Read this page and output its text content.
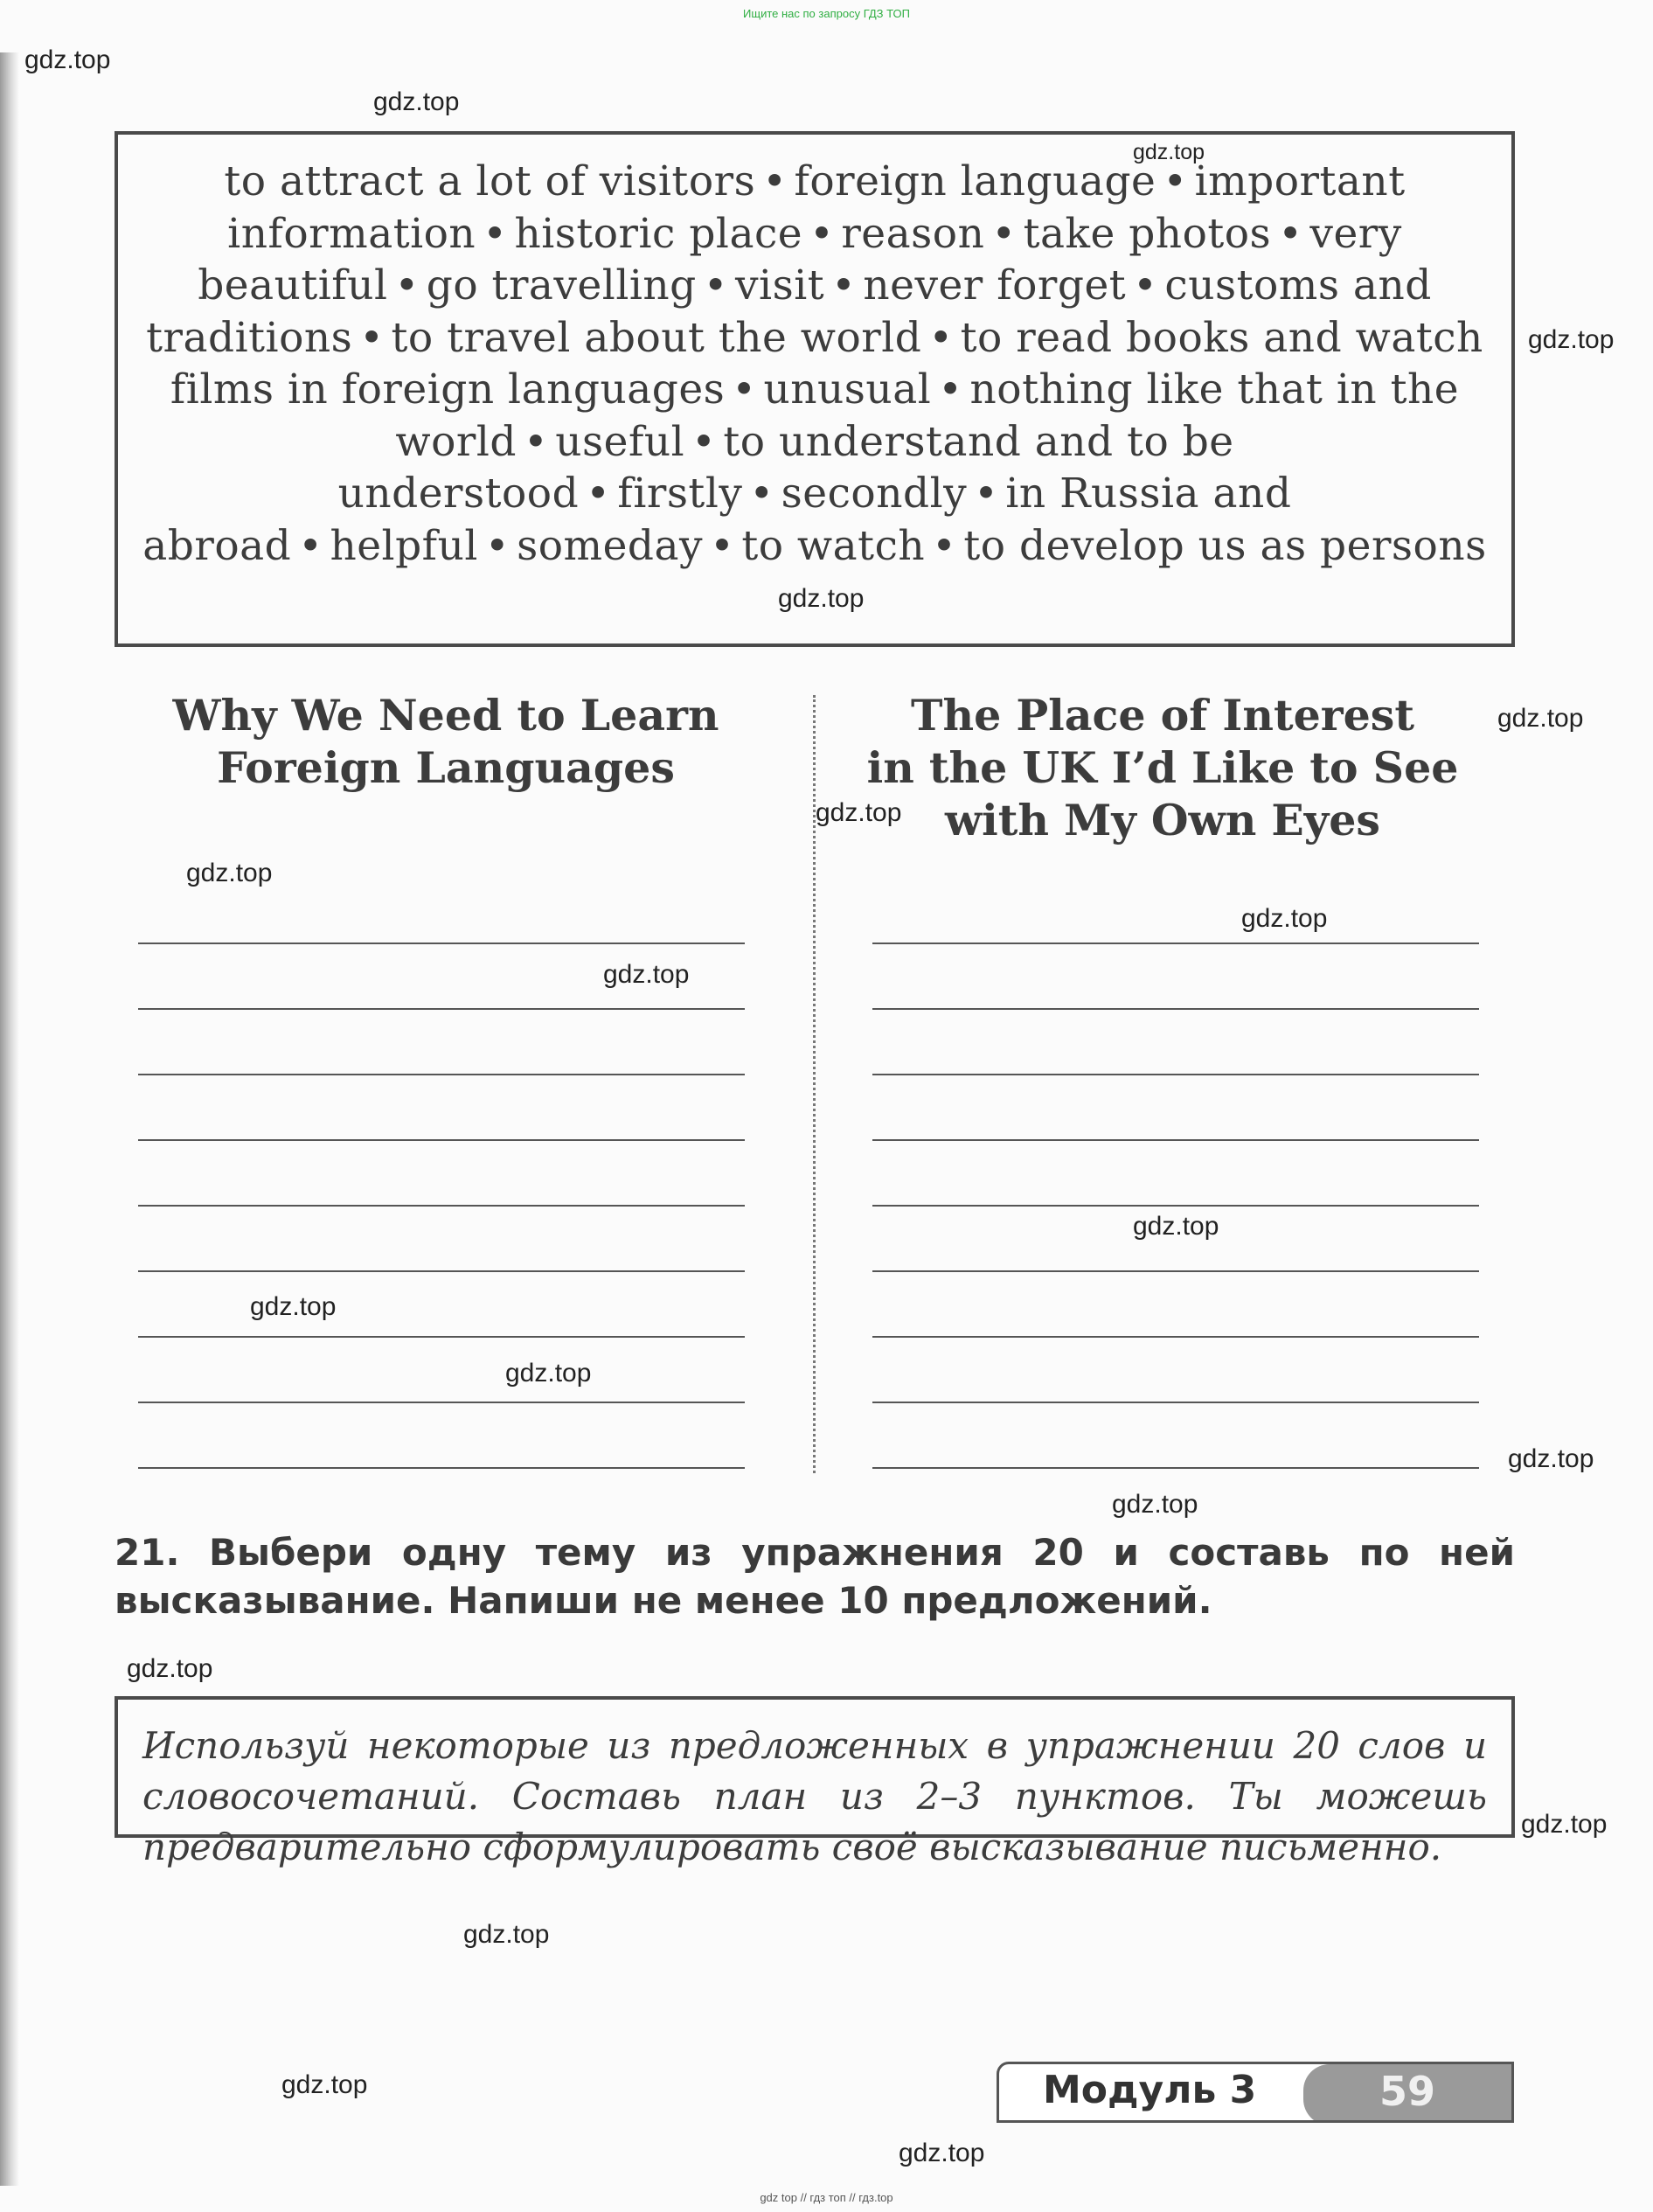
Ищите нас по запросу ГДЗ ТОП
gdz.top
gdz.top
gdz.top
gdz.top
gdz.top
gdz.top
gdz.top
gdz.top
gdz.top
gdz.top
gdz.top
gdz.top
gdz.top
gdz.top
gdz.top
gdz.top
gdz.top
gdz.top
gdz.top
gdz.top
to attract a lot of visitors • foreign language • important information • historic place • reason • take photos • very beautiful • go travelling • visit • never forget • customs and traditions • to travel about the world • to read books and watch films in foreign languages • unusual • nothing like that in the world • useful • to understand and to be understood • firstly • secondly • in Russia and abroad • helpful • someday • to watch • to develop us as persons
Why We Need to Learn
Foreign Languages
The Place of Interest
in the UK I’d Like to See
with My Own Eyes
21. Выбери одну тему из упражнения 20 и составь по ней высказывание. Напиши не менее 10 предложений.
Используй некоторые из предложенных в упражнении 20 слов и словосочетаний. Составь план из 2–3 пунктов. Ты можешь предварительно сформулировать своё высказывание письменно.
Модуль 3	59
gdz top // гдз топ // гдз.top
